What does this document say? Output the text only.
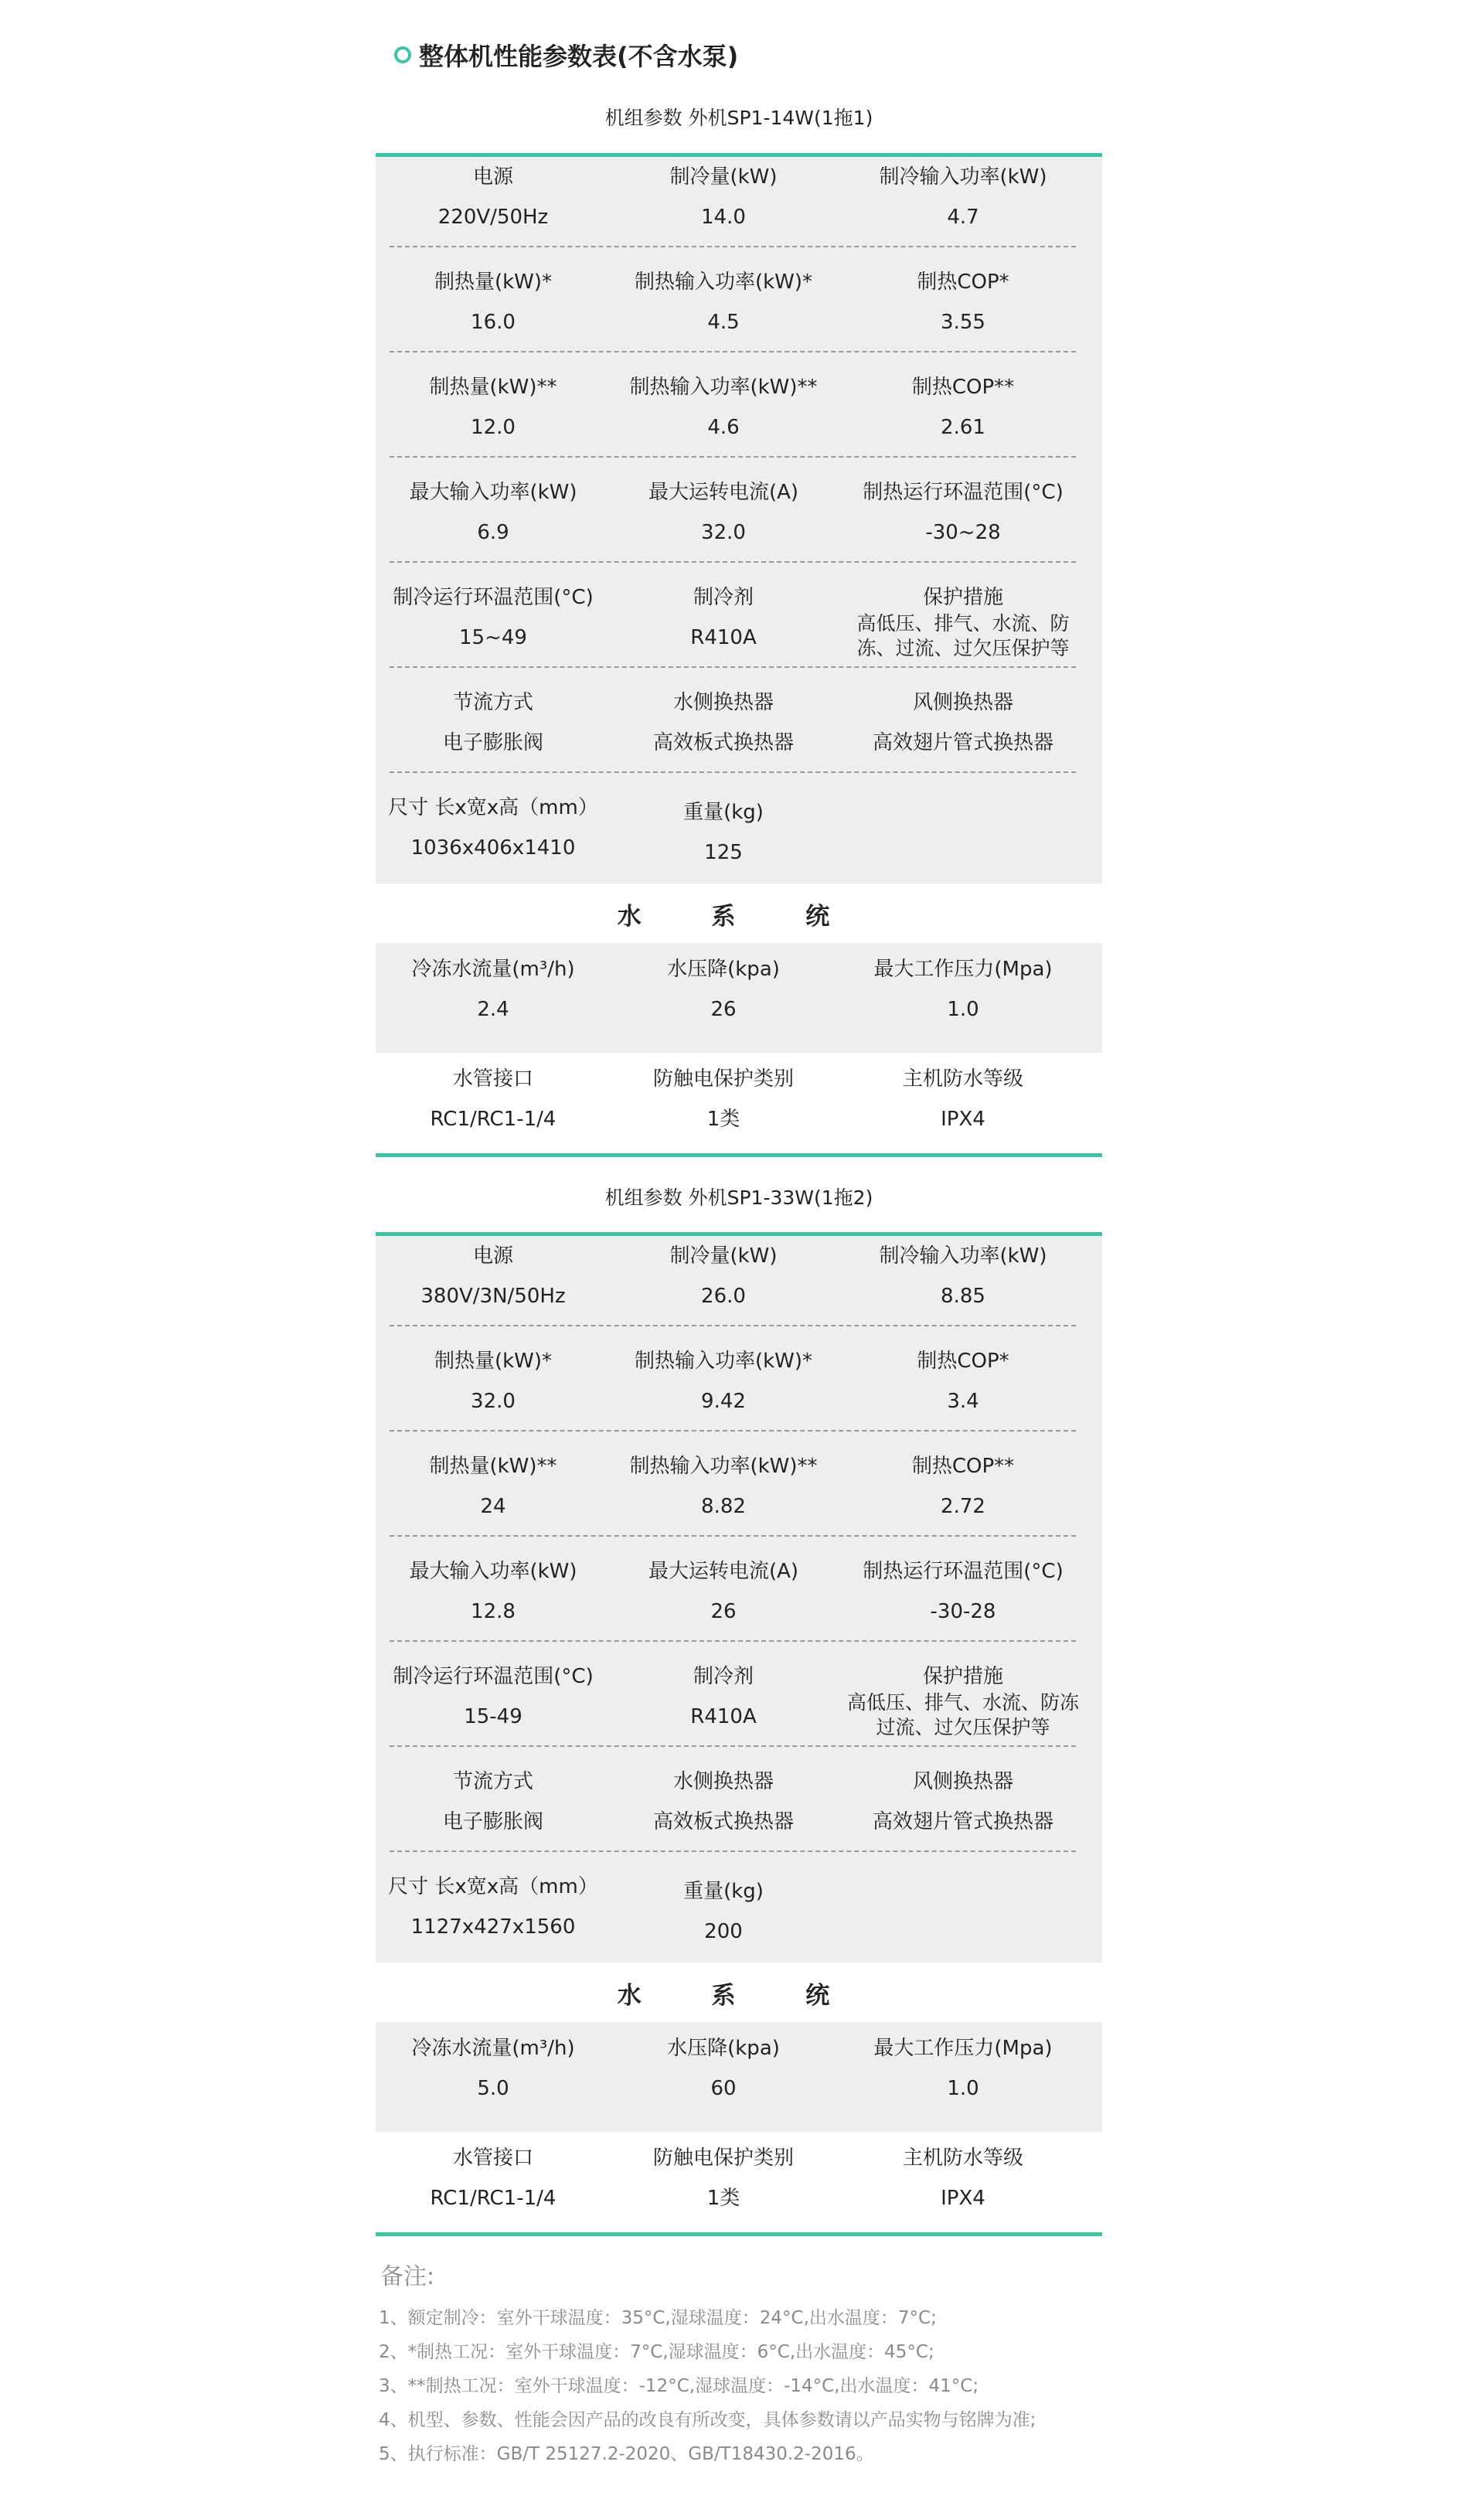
整体机性能参数表(不含水泵)
机组参数 外机SP1-14W(1拖1)
电源
220V/50Hz
制冷量(kW)
14.0
制冷输入功率(kW)
4.7
制热量(kW)*
16.0
制热输入功率(kW)*
4.5
制热COP*
3.55
制热量(kW)**
12.0
制热输入功率(kW)**
4.6
制热COP**
2.61
最大输入功率(kW)
6.9
最大运转电流(A)
32.0
制热运行环温范围(°C)
-30~28
制冷运行环温范围(°C)
15~49
制冷剂
R410A
保护措施
高低压、排气、水流、防冻、过流、过欠压保护等
节流方式
电子膨胀阀
水侧换热器
高效板式换热器
风侧换热器
高效翅片管式换热器
尺寸 长x宽x高（mm）
1036x406x1410
重量(kg)
125
水 系 统
冷冻水流量(m³/h)
2.4
水压降(kpa)
26
最大工作压力(Mpa)
1.0
水管接口
RC1/RC1-1/4
防触电保护类别
1类
主机防水等级
IPX4
机组参数 外机SP1-33W(1拖2)
电源
380V/3N/50Hz
制冷量(kW)
26.0
制冷输入功率(kW)
8.85
制热量(kW)*
32.0
制热输入功率(kW)*
9.42
制热COP*
3.4
制热量(kW)**
24
制热输入功率(kW)**
8.82
制热COP**
2.72
最大输入功率(kW)
12.8
最大运转电流(A)
26
制热运行环温范围(°C)
-30-28
制冷运行环温范围(°C)
15-49
制冷剂
R410A
保护措施
高低压、排气、水流、防冻过流、过欠压保护等
节流方式
电子膨胀阀
水侧换热器
高效板式换热器
风侧换热器
高效翅片管式换热器
尺寸 长x宽x高（mm）
1127x427x1560
重量(kg)
200
水 系 统
冷冻水流量(m³/h)
5.0
水压降(kpa)
60
最大工作压力(Mpa)
1.0
水管接口
RC1/RC1-1/4
防触电保护类别
1类
主机防水等级
IPX4
备注:
1、额定制冷：室外干球温度：35°C,湿球温度：24°C,出水温度：7°C;
2、*制热工况：室外干球温度：7°C,湿球温度：6°C,出水温度：45°C;
3、**制热工况：室外干球温度：-12°C,湿球温度：-14°C,出水温度：41°C;
4、机型、参数、性能会因产品的改良有所改变，具体参数请以产品实物与铭牌为准;
5、执行标准：GB/T 25127.2-2020、GB/T18430.2-2016。
